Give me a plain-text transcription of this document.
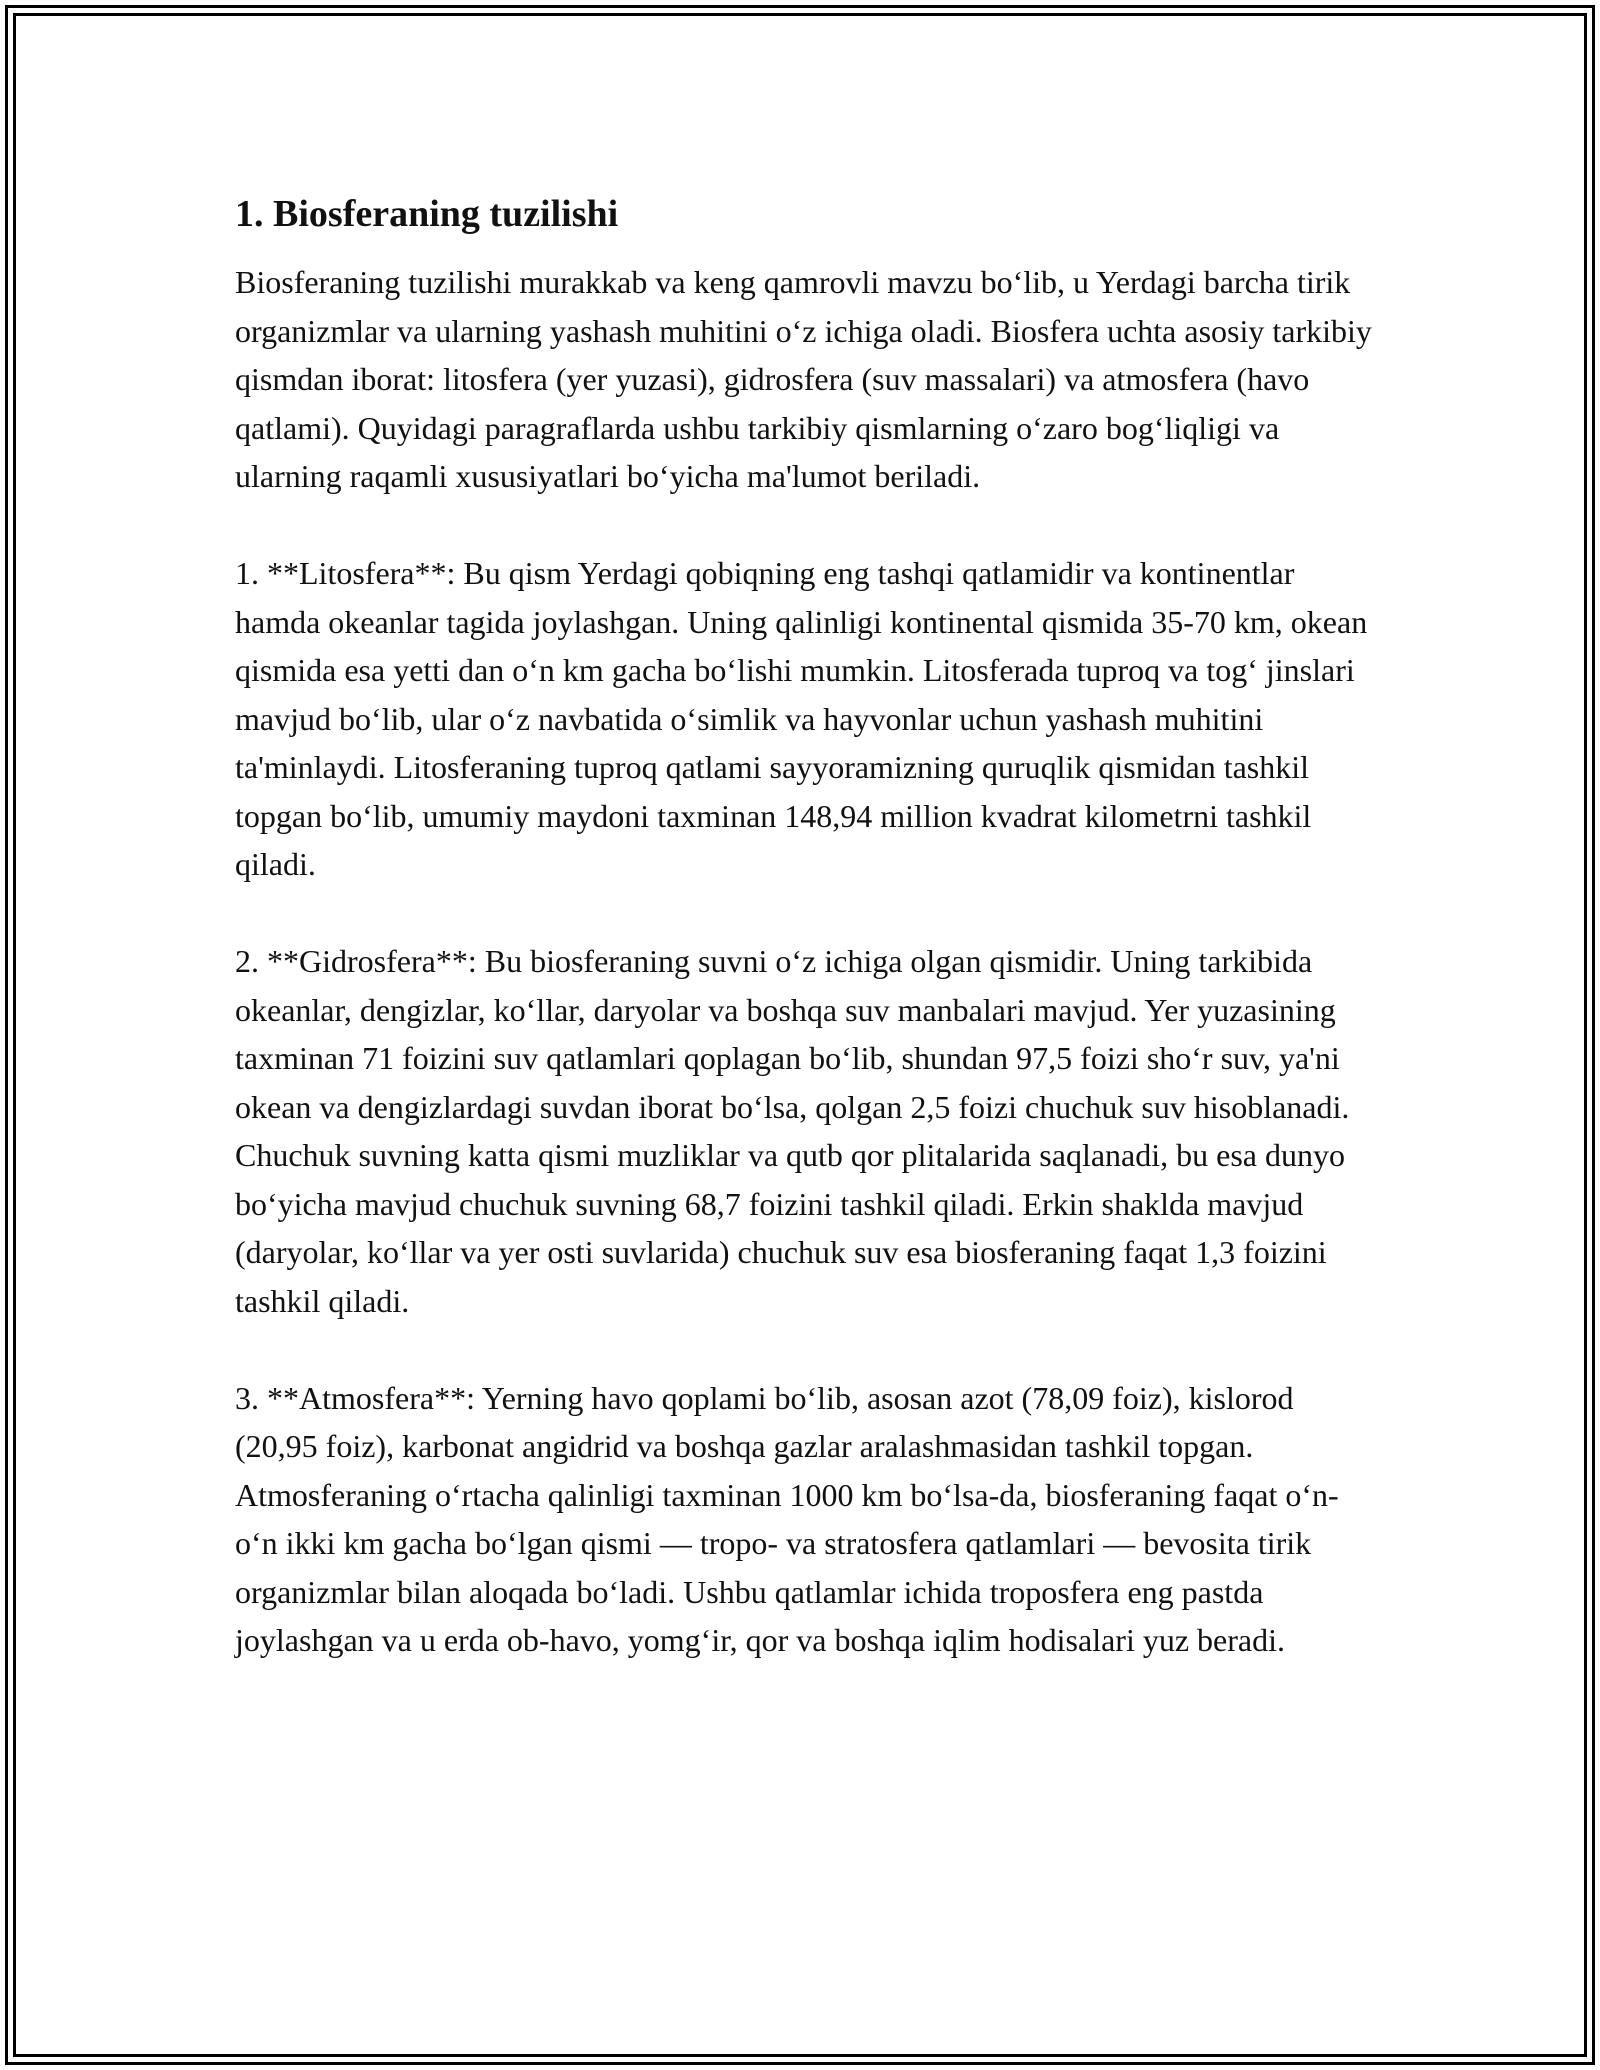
1. Biosferaning tuzilishi

Biosferaning tuzilishi murakkab va keng qamrovli mavzu bo‘lib, u Yerdagi barcha tirik organizmlar va ularning yashash muhitini o‘z ichiga oladi. Biosfera uchta asosiy tarkibiy qismdan iborat: litosfera (yer yuzasi), gidrosfera (suv massalari) va atmosfera (havo qatlami). Quyidagi paragraflarda ushbu tarkibiy qismlarning o‘zaro bog‘liqligi va ularning raqamli xususiyatlari bo‘yicha ma'lumot beriladi.

1. **Litosfera**: Bu qism Yerdagi qobiqning eng tashqi qatlamidir va kontinentlar hamda okeanlar tagida joylashgan. Uning qalinligi kontinental qismida 35-70 km, okean qismida esa yetti dan o‘n km gacha bo‘lishi mumkin. Litosferada tuproq va tog‘ jinslari mavjud bo‘lib, ular o‘z navbatida o‘simlik va hayvonlar uchun yashash muhitini ta'minlaydi. Litosferaning tuproq qatlami sayyoramizning quruqlik qismidan tashkil topgan bo‘lib, umumiy maydoni taxminan 148,94 million kvadrat kilometrni tashkil qiladi.

2. **Gidrosfera**: Bu biosferaning suvni o‘z ichiga olgan qismidir. Uning tarkibida okeanlar, dengizlar, ko‘llar, daryolar va boshqa suv manbalari mavjud. Yer yuzasining taxminan 71 foizini suv qatlamlari qoplagan bo‘lib, shundan 97,5 foizi sho‘r suv, ya'ni okean va dengizlardagi suvdan iborat bo‘lsa, qolgan 2,5 foizi chuchuk suv hisoblanadi. Chuchuk suvning katta qismi muzliklar va qutb qor plitalarida saqlanadi, bu esa dunyo bo‘yicha mavjud chuchuk suvning 68,7 foizini tashkil qiladi. Erkin shaklda mavjud (daryolar, ko‘llar va yer osti suvlarida) chuchuk suv esa biosferaning faqat 1,3 foizini tashkil qiladi.

3. **Atmosfera**: Yerning havo qoplami bo‘lib, asosan azot (78,09 foiz), kislorod (20,95 foiz), karbonat angidrid va boshqa gazlar aralashmasidan tashkil topgan. Atmosferaning o‘rtacha qalinligi taxminan 1000 km bo‘lsa-da, biosferaning faqat o‘n-o‘n ikki km gacha bo‘lgan qismi — tropo- va stratosfera qatlamlari — bevosita tirik organizmlar bilan aloqada bo‘ladi. Ushbu qatlamlar ichida troposfera eng pastda joylashgan va u erda ob-havo, yomg‘ir, qor va boshqa iqlim hodisalari yuz beradi.
